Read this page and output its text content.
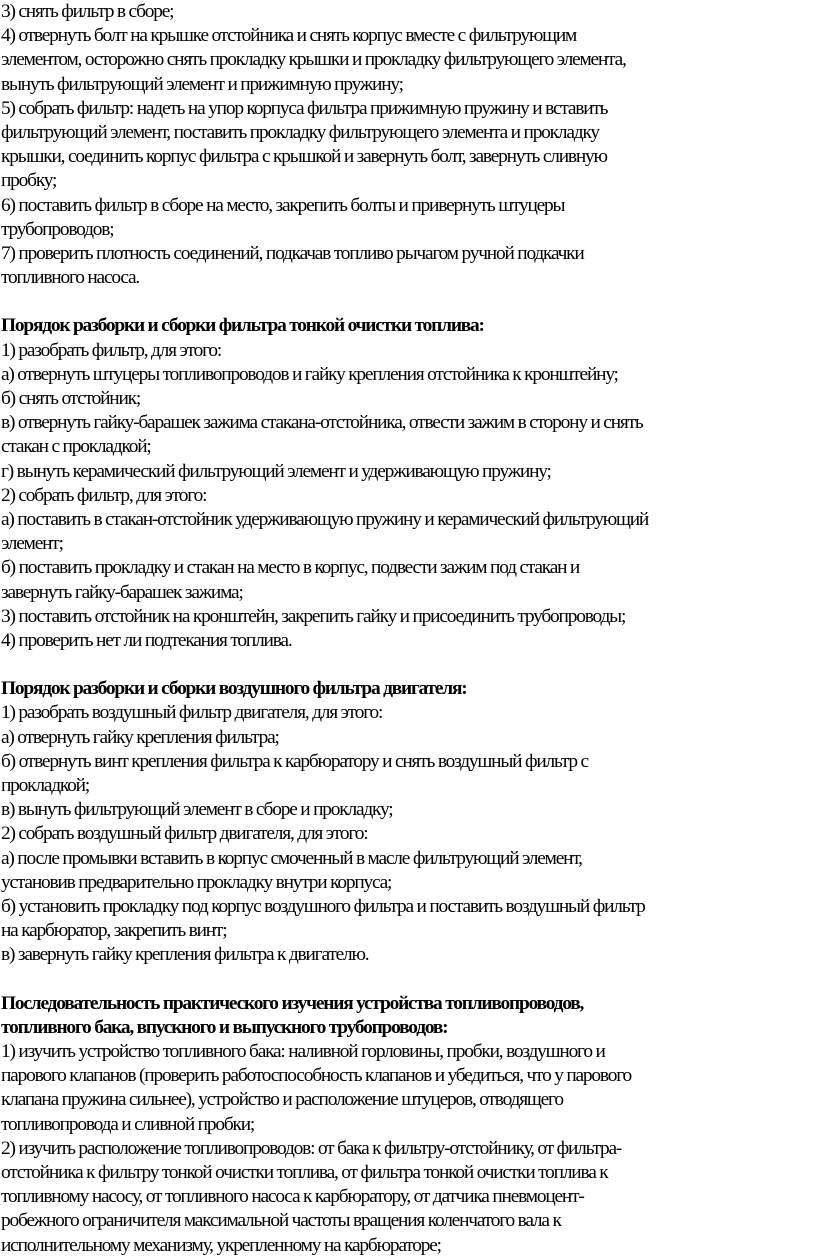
3) снять фильтр в сборе;
4) отвернуть болт на крышке отстойника и снять корпус вместе с фильтрующим
элементом, осторожно снять прокладку крышки и прокладку фильтрующего элемента,
вынуть фильтрующий элемент и прижимную пружину;
5) собрать фильтр: надеть на упор корпуса фильтра прижимную пружину и вставить
фильтрующий элемент, поставить прокладку фильтрующего элемента и прокладку
крышки, соединить корпус фильтра с крышкой и завернуть болт, завернуть сливную
пробку;
6) поставить фильтр в сборе на место, закрепить болты и привернуть штуцеры
трубопроводов;
7) проверить плотность соединений, подкачав топливо рычагом ручной подкачки
топливного насоса.
Порядок разборки и сборки фильтра тонкой очистки топлива:
1) разобрать фильтр, для этого:
а) отвернуть штуцеры топливопроводов и гайку крепления отстойника к кронштейну;
б) снять отстойник;
в) отвернуть гайку-барашек зажима стакана-отстойника, отвести зажим в сторону и снять
стакан с прокладкой;
г) вынуть керамический фильтрующий элемент и удерживающую пружину;
2) собрать фильтр, для этого:
а) поставить в стакан-отстойник удерживающую пружину и керамический фильтрующий
элемент;
б) поставить прокладку и стакан на место в корпус, подвести зажим под стакан и
завернуть гайку-барашек зажима;
3) поставить отстойник на кронштейн, закрепить гайку и присоединить трубопроводы;
4) проверить нет ли подтекания топлива.
Порядок разборки и сборки воздушного фильтра двигателя:
1) разобрать воздушный фильтр двигателя, для этого:
а) отвернуть гайку крепления фильтра;
б) отвернуть винт крепления фильтра к карбюратору и снять воздушный фильтр с
прокладкой;
в) вынуть фильтрующий элемент в сборе и прокладку;
2) собрать воздушный фильтр двигателя, для этого:
а) после промывки вставить в корпус смоченный в масле фильтрующий элемент,
установив предварительно прокладку внутри корпуса;
б) установить прокладку под корпус воздушного фильтра и поставить воздушный фильтр
на карбюратор, закрепить винт;
в) завернуть гайку крепления фильтра к двигателю.
Последовательность практического изучения устройства топливопроводов,
топливного бака, впускного и выпускного трубопроводов:
1) изучить устройство топливного бака: наливной горловины, пробки, воздушного и
парового клапанов (проверить работоспособность клапанов и убедиться, что у парового
клапана пружина сильнее), устройство и расположение штуцеров, отводящего
топливопровода и сливной пробки;
2) изучить расположение топливопроводов: от бака к фильтру-отстойнику, от фильтра-
отстойника к фильтру тонкой очистки топлива, от фильтра тонкой очистки топлива к
топливному насосу, от топливного насоса к карбюратору, от датчика пневмоцент-
робежного ограничителя максимальной частоты вращения коленчатого вала к
исполнительному механизму, укрепленному на карбюраторе;
